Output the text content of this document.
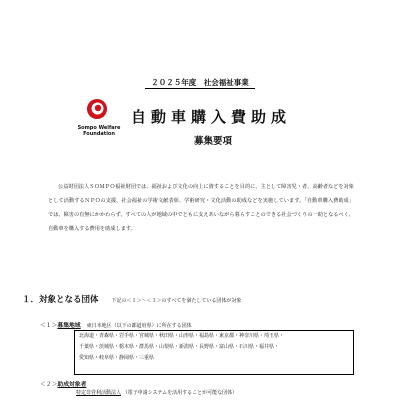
２０２５年度　社会福祉事業
Sompo Welfare
Foundation
自動車購入費助成
募集要項
公益財団法人ＳＯＭＰＯ福祉財団では、福祉および文化の向上に資することを目的に、主として障害児・者、高齢者などを対象として活動するＮＰＯの支援、社会福祉の学術文献表彰、学術研究・文化活動の助成などを実施しています。「自動車購入費助成」では、障害の有無にかかわらず、すべての人が地域の中でともに支えあいながら暮らすことのできる社会づくりの一助となるべく、自動車を購入する費用を助成します。
１．対象となる団体	下記の＜１＞～＜３＞のすべてを満たしている団体が対象
＜１＞募集地域 東日本地区（以下の都道府県）に所在する団体
北海道・青森県・岩手県・宮城県・秋田県・山形県・福島県・東京都・神奈川県・埼玉県・
千葉県・茨城県・栃木県・群馬県・山梨県・新潟県・長野県・富山県・石川県・福井県・
愛知県・岐阜県・静岡県・三重県
＜２＞助成対象者
特定非営利活動法人 （電子申請システムを活用することが可能な団体）
